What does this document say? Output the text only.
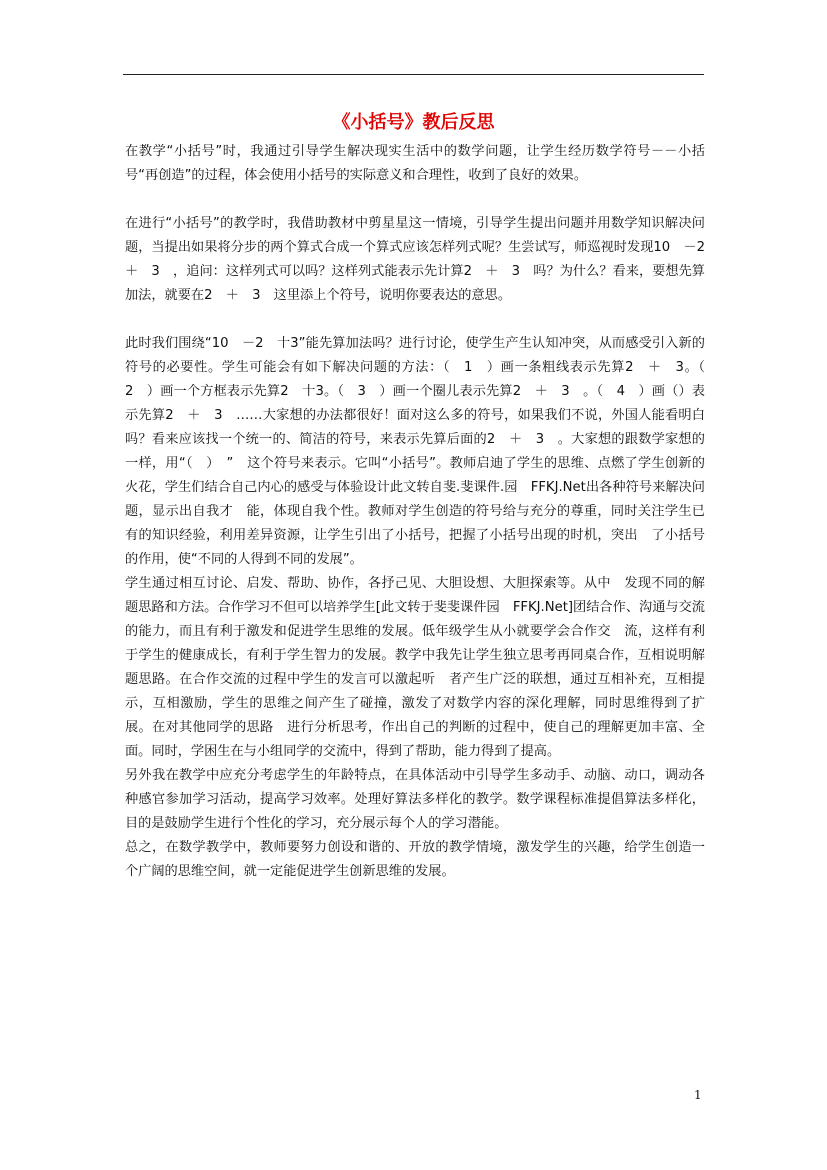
《小括号》教后反思

在教学“小括号”时，我通过引导学生解决现实生活中的数学问题，让学生经历数学符号－－小括号“再创造”的过程，体会使用小括号的实际意义和合理性，收到了良好的效果。

在进行“小括号”的教学时，我借助教材中剪星星这一情境，引导学生提出问题并用数学知识解决问题，当提出如果将分步的两个算式合成一个算式应该怎样列式呢？生尝试写，师巡视时发现10　－2　＋　3　，追问：这样列式可以吗？这样列式能表示先计算2　＋　3　吗？为什么？看来，要想先算加法，就要在2　＋　3　这里添上个符号，说明你要表达的意思。

此时我们围绕“10　－2　十3”能先算加法吗？进行讨论，使学生产生认知冲突，从而感受引入新的符号的必要性。学生可能会有如下解决问题的方法：（　1　）画一条粗线表示先算2　＋　3。（　2　）画一个方框表示先算2　十3。（　3　）画一个圈儿表示先算2　＋　3　。（　4　）画（）表示先算2　＋　3　……大家想的办法都很好！面对这么多的符号，如果我们不说，外国人能看明白吗？看来应该找一个统一的、简洁的符号，来表示先算后面的2　＋　3　。大家想的跟数学家想的一样，用“（　）　”　这个符号来表示。它叫“小括号”。教师启迪了学生的思维、点燃了学生创新的火花，学生们结合自己内心的感受与体验设计此文转自斐.斐课件.园　FFKJ.Net出各种符号来解决问题，显示出自我才　能，体现自我个性。教师对学生创造的符号给与充分的尊重，同时关注学生已有的知识经验，利用差异资源，让学生引出了小括号，把握了小括号出现的时机，突出　了小括号的作用，使“不同的人得到不同的发展”。

学生通过相互讨论、启发、帮助、协作，各抒己见、大胆设想、大胆探索等。从中　发现不同的解题思路和方法。合作学习不但可以培养学生[此文转于斐斐课件园　FFKJ.Net]团结合作、沟通与交流的能力，而且有利于激发和促进学生思维的发展。低年级学生从小就要学会合作交　流，这样有利于学生的健康成长，有利于学生智力的发展。教学中我先让学生独立思考再同桌合作，互相说明解题思路。在合作交流的过程中学生的发言可以激起听　者产生广泛的联想，通过互相补充，互相提示，互相激励，学生的思维之间产生了碰撞，激发了对数学内容的深化理解，同时思维得到了扩展。在对其他同学的思路　进行分析思考，作出自己的判断的过程中，使自己的理解更加丰富、全面。同时，学困生在与小组同学的交流中，得到了帮助，能力得到了提高。

另外我在教学中应充分考虑学生的年龄特点，在具体活动中引导学生多动手、动脑、动口，调动各种感官参加学习活动，提高学习效率。处理好算法多样化的教学。数学课程标准提倡算法多样化，目的是鼓励学生进行个性化的学习，充分展示每个人的学习潜能。

总之，在数学教学中，教师要努力创设和谐的、开放的教学情境，激发学生的兴趣，给学生创造一个广阔的思维空间，就一定能促进学生创新思维的发展。

1
